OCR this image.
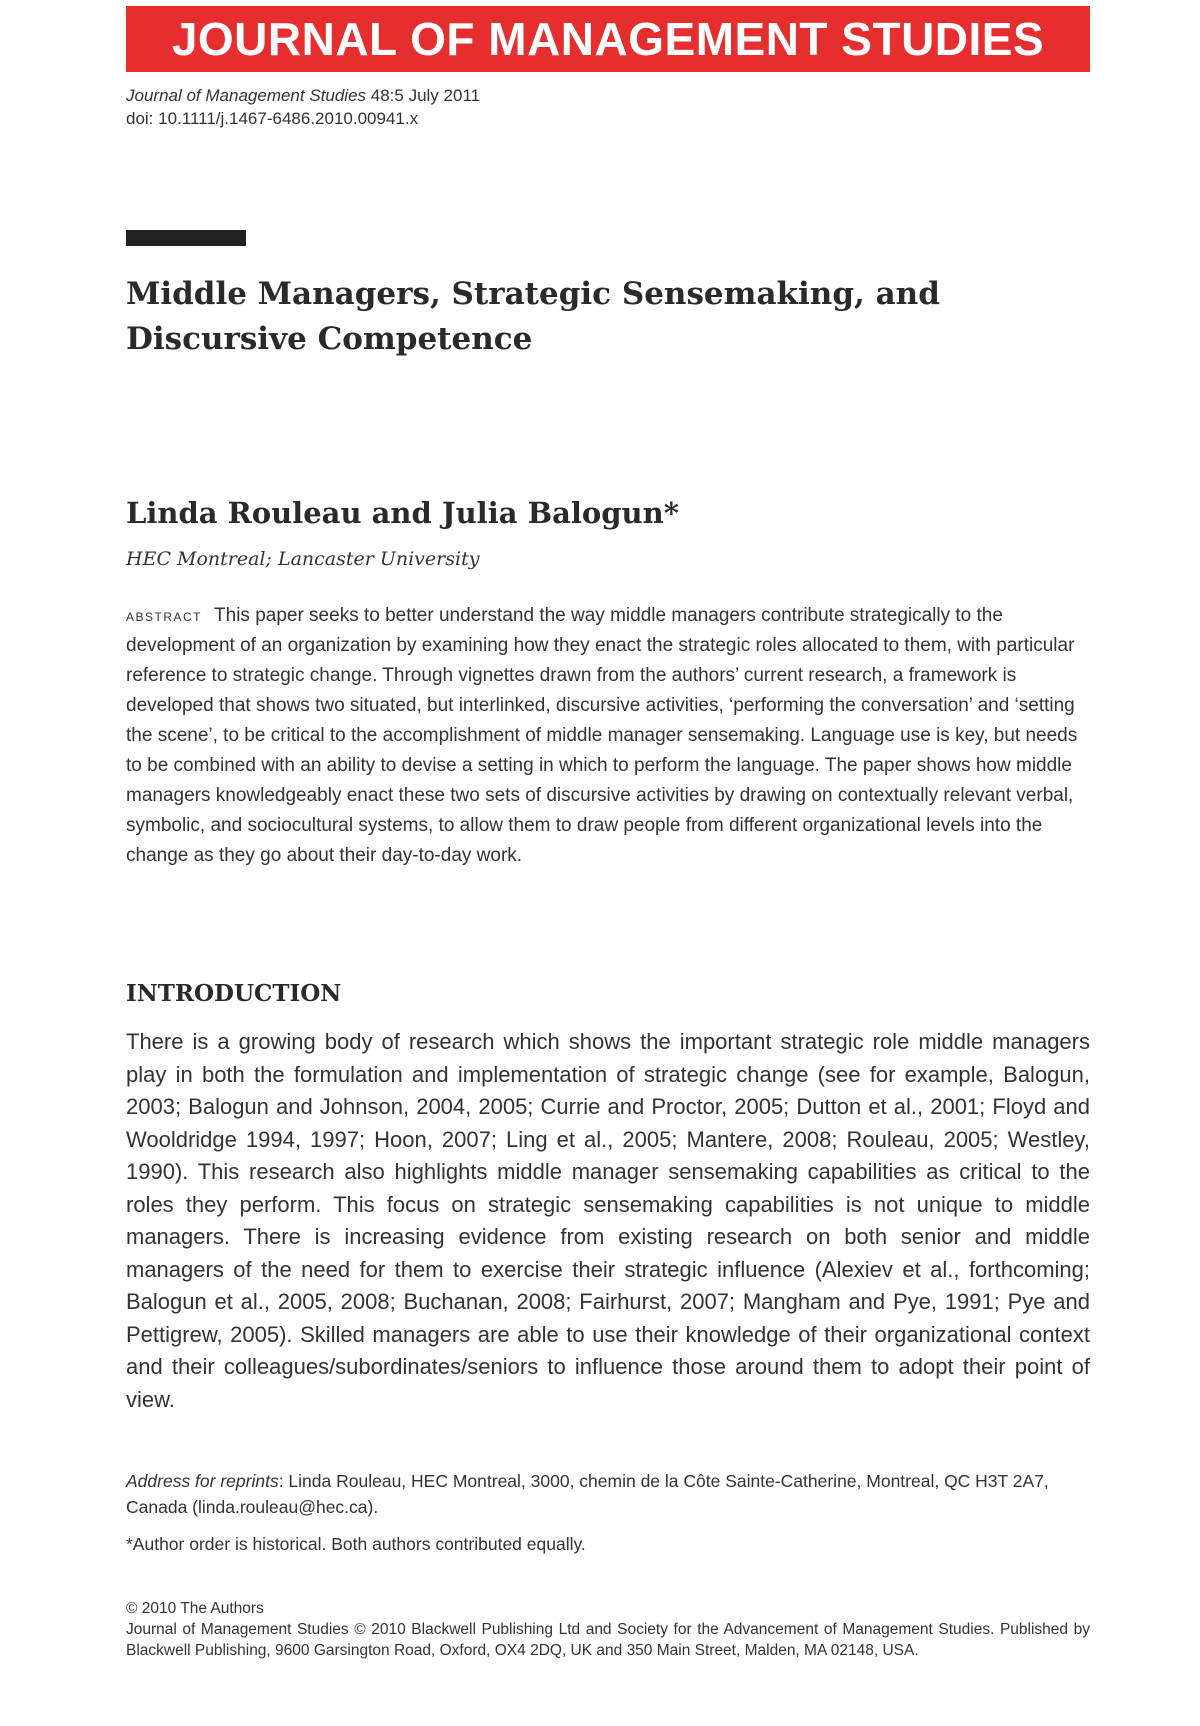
JOURNAL OF MANAGEMENT STUDIES
Journal of Management Studies 48:5 July 2011
doi: 10.1111/j.1467-6486.2010.00941.x
Middle Managers, Strategic Sensemaking, and Discursive Competence
Linda Rouleau and Julia Balogun*
HEC Montreal; Lancaster University
abstract This paper seeks to better understand the way middle managers contribute strategically to the development of an organization by examining how they enact the strategic roles allocated to them, with particular reference to strategic change. Through vignettes drawn from the authors’ current research, a framework is developed that shows two situated, but interlinked, discursive activities, ‘performing the conversation’ and ‘setting the scene’, to be critical to the accomplishment of middle manager sensemaking. Language use is key, but needs to be combined with an ability to devise a setting in which to perform the language. The paper shows how middle managers knowledgeably enact these two sets of discursive activities by drawing on contextually relevant verbal, symbolic, and sociocultural systems, to allow them to draw people from different organizational levels into the change as they go about their day-to-day work.
INTRODUCTION
There is a growing body of research which shows the important strategic role middle managers play in both the formulation and implementation of strategic change (see for example, Balogun, 2003; Balogun and Johnson, 2004, 2005; Currie and Proctor, 2005; Dutton et al., 2001; Floyd and Wooldridge 1994, 1997; Hoon, 2007; Ling et al., 2005; Mantere, 2008; Rouleau, 2005; Westley, 1990). This research also highlights middle manager sensemaking capabilities as critical to the roles they perform. This focus on strategic sensemaking capabilities is not unique to middle managers. There is increasing evidence from existing research on both senior and middle managers of the need for them to exercise their strategic influence (Alexiev et al., forthcoming; Balogun et al., 2005, 2008; Buchanan, 2008; Fairhurst, 2007; Mangham and Pye, 1991; Pye and Pettigrew, 2005). Skilled managers are able to use their knowledge of their organizational context and their colleagues/subordinates/seniors to influence those around them to adopt their point of view.
Address for reprints: Linda Rouleau, HEC Montreal, 3000, chemin de la Côte Sainte-Catherine, Montreal, QC H3T 2A7, Canada (linda.rouleau@hec.ca).
*Author order is historical. Both authors contributed equally.
© 2010 The Authors
Journal of Management Studies © 2010 Blackwell Publishing Ltd and Society for the Advancement of Management Studies. Published by Blackwell Publishing, 9600 Garsington Road, Oxford, OX4 2DQ, UK and 350 Main Street, Malden, MA 02148, USA.
